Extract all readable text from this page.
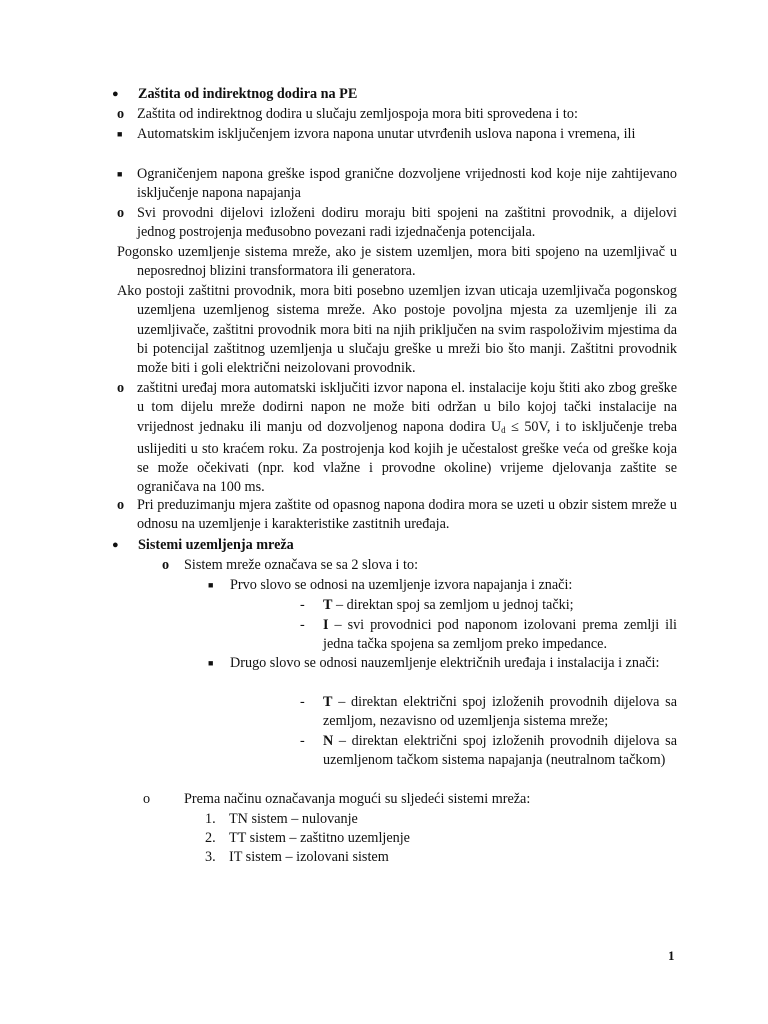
● Zaštita od indirektnog dodira na PE
o Zaštita od indirektnog dodira u slučaju zemljospoja mora biti sprovedena i to:
■ Automatskim isključenjem izvora napona unutar utvrđenih uslova napona i vremena, ili
■ Ograničenjem napona greške ispod granične dozvoljene vrijednosti kod koje nije zahtijevano isključenje napona napajanja
o Svi provodni dijelovi izloženi dodiru moraju biti spojeni na zaštitni provodnik, a dijelovi jednog postrojenja međusobno povezani radi izjednačenja potencijala.
Pogonsko uzemljenje sistema mreže, ako je sistem uzemljen, mora biti spojeno na uzemljivač u neposrednoj blizini transformatora ili generatora.
Ako postoji zaštitni provodnik, mora biti posebno uzemljen izvan uticaja uzemljivača pogonskog uzemljena uzemljenog sistema mreže. Ako postoje povoljna mjesta za uzemljenje ili za uzemljivače, zaštitni provodnik mora biti na njih priključen na svim raspoloživim mjestima da bi potencijal zaštitnog uzemljenja u slučaju greške u mreži bio što manji. Zaštitni provodnik može biti i goli električni neizolovani provodnik.
o zaštitni uređaj mora automatski isključiti izvor napona el. instalacije koju štiti ako zbog greške u tom dijelu mreže dodirni napon ne može biti održan u bilo kojoj tački instalacije na vrijednost jednaku ili manju od dozvoljenog napona dodira $U_d \le 50V$, i to isključenje treba uslijediti u sto kraćem roku. Za postrojenja kod kojih je učestalost greške veća od greške koja se može očekivati (npr. kod vlažne i provodne okoline) vrijeme djelovanja zaštite se ograničava na 100 ms.
o Pri preduzimanju mjera zaštite od opasnog napona dodira mora se uzeti u obzir sistem mreže u odnosu na uzemljenje i karakteristike zastitnih uređaja.
● Sistemi uzemljenja mreža
o Sistem mreže označava se sa 2 slova i to:
■ Prvo slovo se odnosi na uzemljenje izvora napajanja i znači:
- T – direktan spoj sa zemljom u jednoj tački;
- I – svi provodnici pod naponom izolovani prema zemlji ili jedna tačka spojena sa zemljom preko impedance.
■ Drugo slovo se odnosi nauzemljenje električnih uređaja i instalacija i znači:
- T – direktan električni spoj izloženih provodnih dijelova sa zemljom, nezavisno od uzemljenja sistema mreže;
- N – direktan električni spoj izloženih provodnih dijelova sa uzemljenom tačkom sistema napajanja (neutralnom tačkom)
o Prema načinu označavanja mogući su sljedeći sistemi mreža:
1. TN sistem – nulovanje
2. TT sistem – zaštitno uzemljenje
3. IT sistem – izolovani sistem
1
